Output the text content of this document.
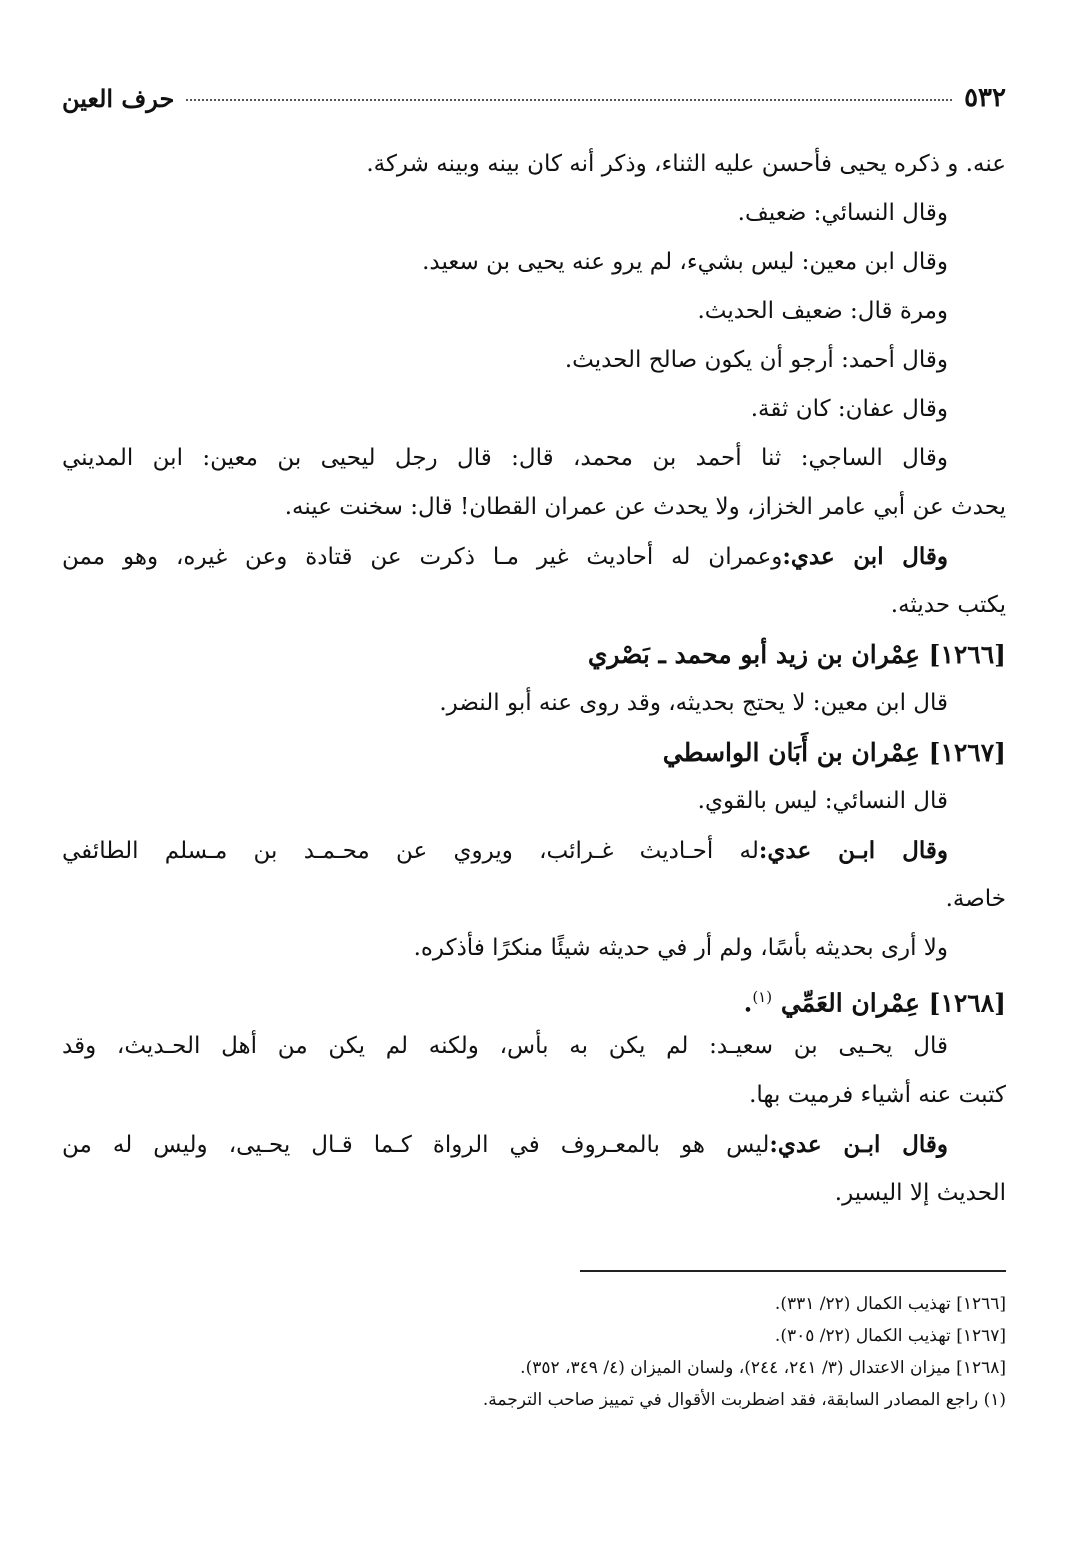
٥٣٢
حرف العين
عنه. و ذكره يحيى فأحسن عليه الثناء، وذكر أنه كان بينه وبينه شركة.
وقال النسائي: ضعيف.
وقال ابن معين: ليس بشيء، لم يرو عنه يحيى بن سعيد.
ومرة قال: ضعيف الحديث.
وقال أحمد: أرجو أن يكون صالح الحديث.
وقال عفان: كان ثقة.
وقال الساجي: ثنا أحمد بن محمد، قال: قال رجل ليحيى بن معين: ابن المديني
يحدث عن أبي عامر الخزاز، ولا يحدث عن عمران القطان! قال: سخنت عينه.
وقال ابن عدي:وعمران له أحاديث غير مـا ذكرت عن قتادة وعن غيره، وهو ممن
يكتب حديثه.
[١٢٦٦] عِمْران بن زيد أبو محمد ـ بَصْري
قال ابن معين: لا يحتج بحديثه، وقد روى عنه أبو النضر.
[١٢٦٧] عِمْران بن أَبَان الواسطي
قال النسائي: ليس بالقوي.
وقال ابـن عدي:له أحـاديث غـرائب، ويروي عن محـمـد بن مـسلم الطائفي
خاصة.
ولا أرى بحديثه بأسًا، ولم أر في حديثه شيئًا منكرًا فأذكره.
[١٢٦٨] عِمْران العَمِّي $^{(١)}$.
قال يحـيى بن سعيـد: لم يكن به بأس، ولكنه لم يكن من أهل الحـديث، وقد
كتبت عنه أشياء فرميت بها.
وقال ابـن عدي:ليس هو بالمعـروف في الرواة كـما قـال يحـيى، وليس له من
الحديث إلا اليسير.
[١٢٦٦] تهذيب الكمال (٢٢/ ٣٣١).
[١٢٦٧] تهذيب الكمال (٢٢/ ٣٠٥).
[١٢٦٨] ميزان الاعتدال (٣/ ٢٤١، ٢٤٤)، ولسان الميزان (٤/ ٣٤٩، ٣٥٢).
(١) راجع المصادر السابقة، فقد اضطربت الأقوال في تمييز صاحب الترجمة.
